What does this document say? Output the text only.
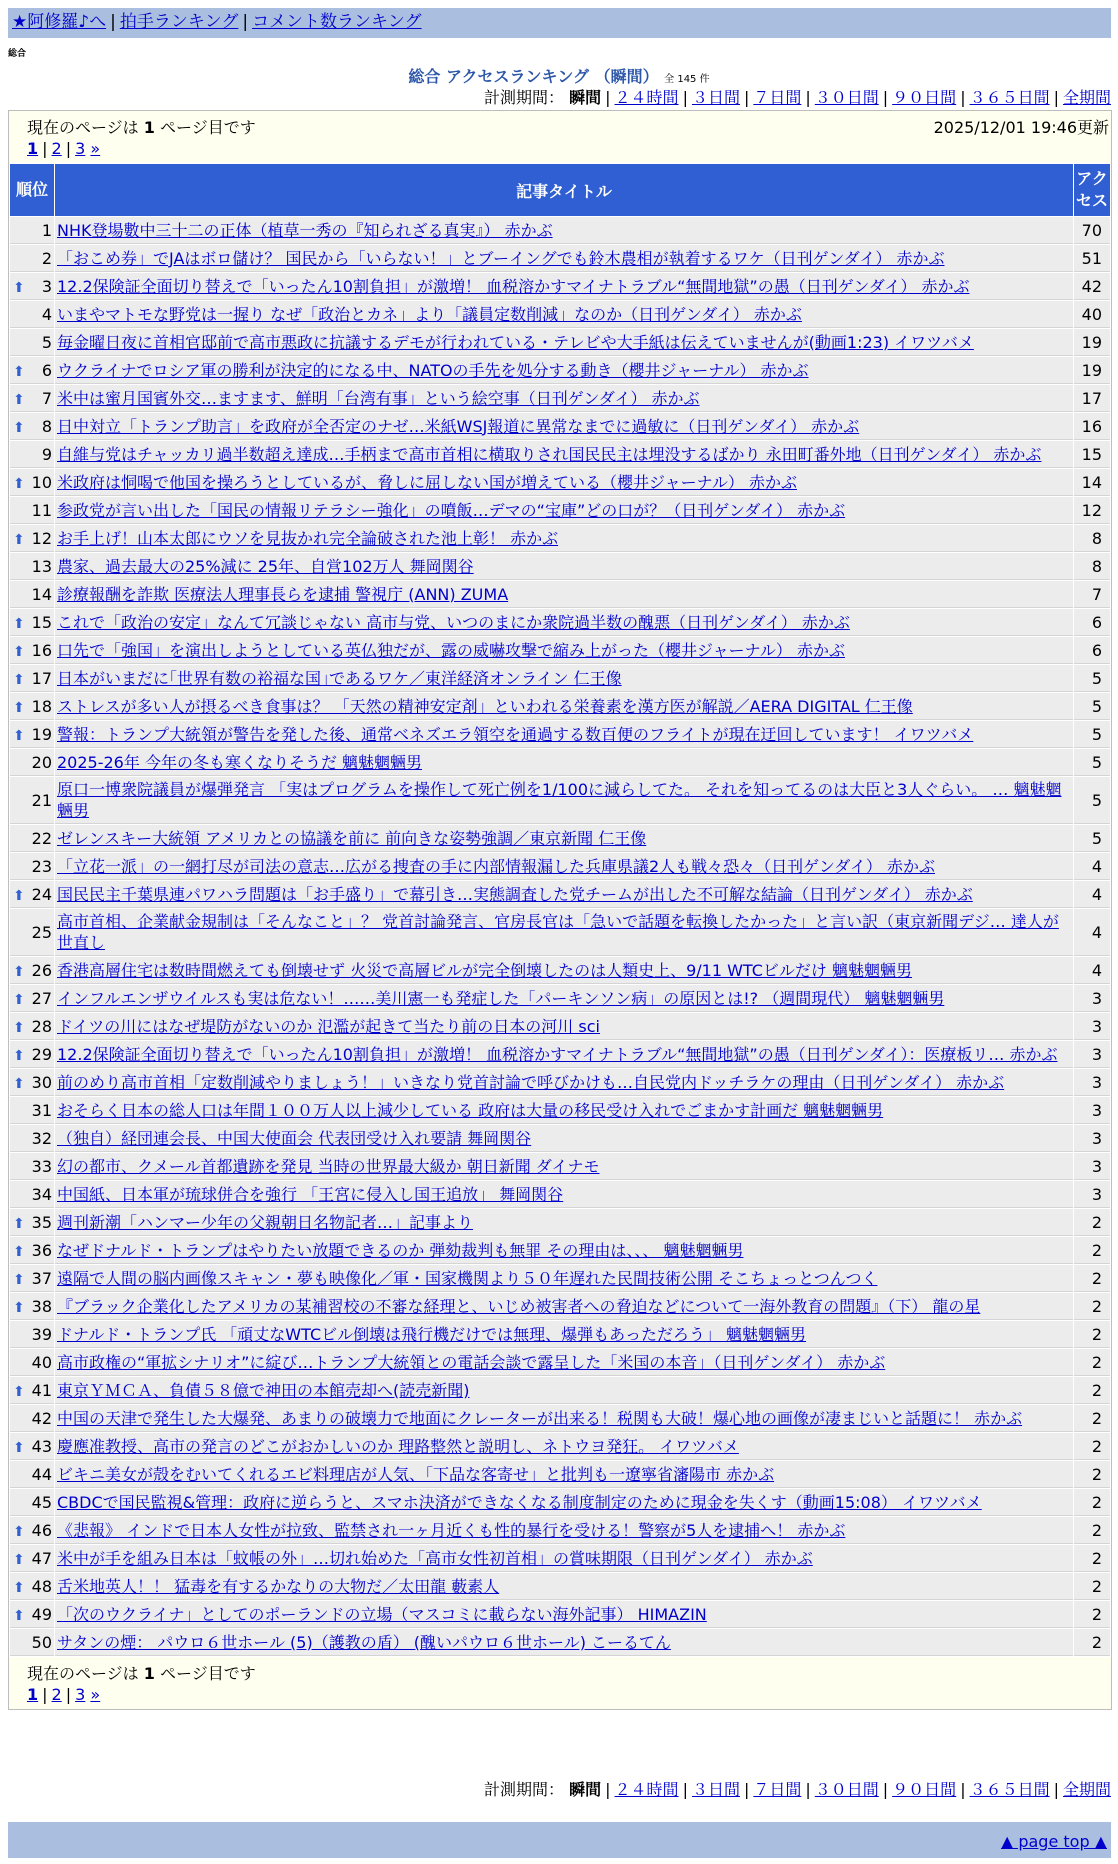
★阿修羅♪へ | 拍手ランキング | コメント数ランキング
総合
総合 アクセスランキング （瞬間） 全 145 件
計測期間： 瞬間 | ２４時間 | ３日間 | ７日間 | ３０日間 | ９０日間 | ３６５日間 | 全期間
現在のページは 1 ページ目です	2025/12/01 19:46更新
1 | 2 | 3 »
順位	記事タイトル	アクセス
1	NHK登場數中三十二の正体（植草一秀の『知られざる真実』） 赤かぶ	70
2	「おこめ券」でJAはボロ儲け？ 国民から「いらない！」とブーイングでも鈴木農相が執着するワケ（日刊ゲンダイ） 赤かぶ	51

⬆ 3	12.2保険証全面切り替えで「いったん10割負担」が激増！ 血税溶かすマイナトラブル“無間地獄”の愚（日刊ゲンダイ） 赤かぶ	42
4	いまやマトモな野党は一握り なぜ「政治とカネ」より「議員定数削減」なのか（日刊ゲンダイ） 赤かぶ	40
5	毎金曜日夜に首相官邸前で高市悪政に抗議するデモが行われている・テレビや大手紙は伝えていませんが(動画1:23) イワツバメ	19

⬆ 6	ウクライナでロシア軍の勝利が決定的になる中、NATOの手先を処分する動き（櫻井ジャーナル） 赤かぶ	19

⬆ 7	米中は蜜月国賓外交…ますます、鮮明「台湾有事」という絵空事（日刊ゲンダイ） 赤かぶ	17

⬆ 8	日中対立「トランプ助言」を政府が全否定のナゼ…米紙WSJ報道に異常なまでに過敏に（日刊ゲンダイ） 赤かぶ	16
9	自維与党はチャッカリ過半数超え達成…手柄まで高市首相に横取りされ国民民主は埋没するばかり 永田町番外地（日刊ゲンダイ） 赤かぶ	15

⬆ 10	米政府は恫喝で他国を操ろうとしているが、脅しに屈しない国が増えている（櫻井ジャーナル） 赤かぶ	14
11	参政党が言い出した「国民の情報リテラシー強化」の噴飯…デマの“宝庫”どの口が？（日刊ゲンダイ） 赤かぶ	12

⬆ 12	お手上げ！山本太郎にウソを見抜かれ完全論破された池上彰！ 赤かぶ	8
13	農家、過去最大の25%減に 25年、自営102万人 舞岡関谷	8
14	診療報酬を詐欺 医療法人理事長らを逮捕 警視庁 (ANN) ZUMA	7

⬆ 15	これで「政治の安定」なんて冗談じゃない 高市与党、いつのまにか衆院過半数の醜悪（日刊ゲンダイ） 赤かぶ	6

⬆ 16	口先で「強国」を演出しようとしている英仏独だが、露の威嚇攻撃で縮み上がった（櫻井ジャーナル） 赤かぶ	6

⬆ 17	日本がいまだに｢世界有数の裕福な国｣であるワケ／東洋経済オンライン 仁王像	5

⬆ 18	ストレスが多い人が摂るべき食事は？ 「天然の精神安定剤」といわれる栄養素を漢方医が解説／AERA DIGITAL 仁王像	5

⬆ 19	警報：トランプ大統領が警告を発した後、通常ベネズエラ領空を通過する数百便のフライトが現在迂回しています！ イワツバメ	5
20	2025-26年 今年の冬も寒くなりそうだ 魑魅魍魎男	5
21	原口一博衆院議員が爆弾発言 「実はプログラムを操作して死亡例を1/100に減らしてた。 それを知ってるのは大臣と3人ぐらい。 … 魑魅魍魎男	5
22	ゼレンスキー大統領 アメリカとの協議を前に 前向きな姿勢強調／東京新聞 仁王像	5
23	「立花一派」の一網打尽が司法の意志…広がる捜査の手に内部情報漏した兵庫県議2人も戦々恐々（日刊ゲンダイ） 赤かぶ	4

⬆ 24	国民民主千葉県連パワハラ問題は「お手盛り」で幕引き…実態調査した党チームが出した不可解な結論（日刊ゲンダイ） 赤かぶ	4
25	高市首相、企業献金規制は「そんなこと」？ 党首討論発言、官房長官は「急いで話題を転換したかった」と言い訳（東京新聞デジ… 達人が世直し	4

⬆ 26	香港高層住宅は数時間燃えても倒壊せず 火災で高層ビルが完全倒壊したのは人類史上、9/11 WTCビルだけ 魑魅魍魎男	4

⬆ 27	インフルエンザウイルスも実は危ない！……美川憲一も発症した「パーキンソン病」の原因とは!? （週間現代） 魑魅魍魎男	3

⬆ 28	ドイツの川にはなぜ堤防がないのか 氾濫が起きて当たり前の日本の河川 sci	3

⬆ 29	12.2保険証全面切り替えで「いったん10割負担」が激増！ 血税溶かすマイナトラブル“無間地獄”の愚（日刊ゲンダイ）：医療板リ… 赤かぶ	3

⬆ 30	前のめり高市首相「定数削減やりましょう！」いきなり党首討論で呼びかけも…自民党内ドッチラケの理由（日刊ゲンダイ） 赤かぶ	3
31	おそらく日本の総人口は年間１００万人以上減少している 政府は大量の移民受け入れでごまかす計画だ 魑魅魍魎男	3
32	（独自）経団連会長、中国大使面会 代表団受け入れ要請 舞岡関谷	3
33	幻の都市、クメール首都遺跡を発見 当時の世界最大級か 朝日新聞 ダイナモ	3
34	中国紙、日本軍が琉球併合を強行 「王宮に侵入し国王追放」 舞岡関谷	3

⬆ 35	週刊新潮「ハンマー少年の父親朝日名物記者…」記事より	2

⬆ 36	なぜドナルド・トランプはやりたい放題できるのか 弾劾裁判も無罪 その理由は、、、 魑魅魍魎男	2

⬆ 37	遠隔で人間の脳内画像スキャン・夢も映像化／軍・国家機関より５０年遅れた民間技術公開 そこちょっとつんつく	2

⬆ 38	『ブラック企業化したアメリカの某補習校の不審な経理と、いじめ被害者への脅迫などについて一海外教育の問題』（下） 龍の星	2
39	ドナルド・トランプ氏 「頑丈なWTCビル倒壊は飛行機だけでは無理、爆弾もあっただろう」 魑魅魍魎男	2
40	高市政権の“軍拡シナリオ”に綻び…トランプ大統領との電話会談で露呈した「米国の本音」（日刊ゲンダイ） 赤かぶ	2

⬆ 41	東京ＹＭＣＡ、負債５８億で神田の本館売却へ(読売新聞)	2
42	中国の天津で発生した大爆発、あまりの破壊力で地面にクレーターが出来る！税関も大破！爆心地の画像が凄まじいと話題に！ 赤かぶ	2

⬆ 43	慶應准教授、高市の発言のどこがおかしいのか 理路整然と説明し、ネトウヨ発狂。 イワツバメ	2
44	ビキニ美女が殻をむいてくれるエビ料理店が人気、「下品な客寄せ」と批判も一遼寧省瀋陽市 赤かぶ	2
45	CBDCで国民監視&管理：政府に逆らうと、スマホ決済ができなくなる制度制定のために現金を失くす（動画15:08） イワツバメ	2

⬆ 46	《悲報》 インドで日本人女性が拉致、監禁され一ヶ月近くも性的暴行を受ける！警察が5人を逮捕へ！ 赤かぶ	2

⬆ 47	米中が手を組み日本は「蚊帳の外」…切れ始めた「高市女性初首相」の賞味期限（日刊ゲンダイ） 赤かぶ	2

⬆ 48	舌米地英人！！ 猛毒を有するかなりの大物だ／太田龍 藪素人	2

⬆ 49	「次のウクライナ」としてのポーランドの立場（マスコミに載らない海外記事） HIMAZIN	2
50	サタンの煙： パウロ６世ホール (5)（護教の盾） (醜いパウロ６世ホール) こーるてん	2
現在のページは 1 ページ目です
1 | 2 | 3 »
計測期間： 瞬間 | ２４時間 | ３日間 | ７日間 | ３０日間 | ９０日間 | ３６５日間 | 全期間
▲ page top ▲
